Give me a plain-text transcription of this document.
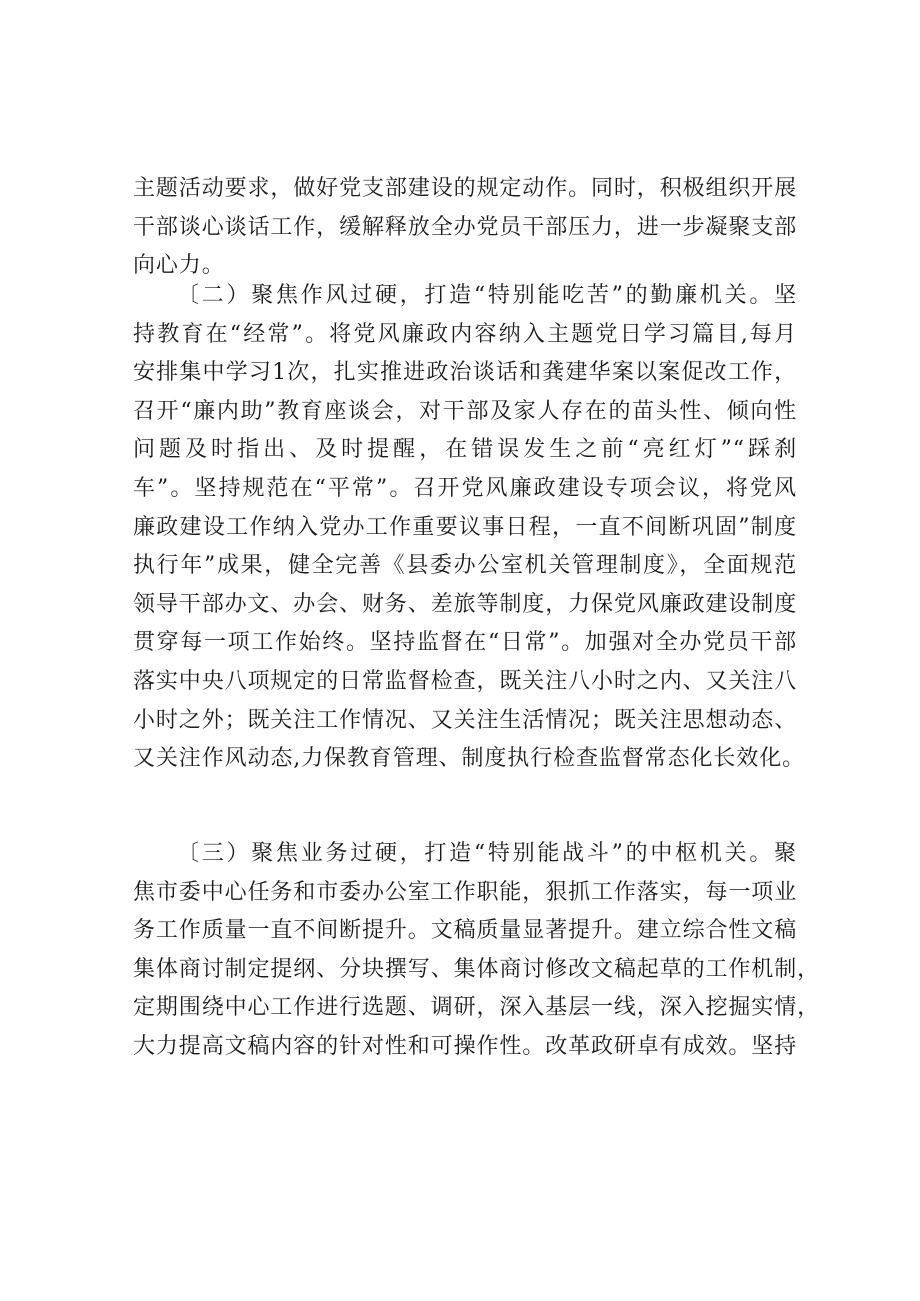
主题活动要求，做好党支部建设的规定动作。同时，积极组织开展
干部谈心谈话工作，缓解释放全办党员干部压力，进一步凝聚支部
向心力。
〔二）聚焦作风过硬，打造“特别能吃苦”的勤廉机关。坚
持教育在“经常”。将党风廉政内容纳入主题党日学习篇目,每月
安排集中学习1次，扎实推进政治谈话和龚建华案以案促改工作，
召开“廉内助”教育座谈会，对干部及家人存在的苗头性、倾向性
问题及时指出、及时提醒，在错误发生之前“亮红灯”“踩刹
车”。坚持规范在“平常”。召开党风廉政建设专项会议，将党风
廉政建设工作纳入党办工作重要议事日程，一直不间断巩固”制度
执行年”成果，健全完善《县委办公室机关管理制度》，全面规范
领导干部办文、办会、财务、差旅等制度，力保党风廉政建设制度
贯穿每一项工作始终。坚持监督在“日常”。加强对全办党员干部
落实中央八项规定的日常监督检查，既关注八小时之内、又关注八
小时之外；既关注工作情况、又关注生活情况；既关注思想动态、
又关注作风动态,力保教育管理、制度执行检查监督常态化长效化。
〔三）聚焦业务过硬，打造“特别能战斗”的中枢机关。聚
焦市委中心任务和市委办公室工作职能，狠抓工作落实，每一项业
务工作质量一直不间断提升。文稿质量显著提升。建立综合性文稿
集体商讨制定提纲、分块撰写、集体商讨修改文稿起草的工作机制，
定期围绕中心工作进行选题、调研，深入基层一线，深入挖掘实情，
大力提高文稿内容的针对性和可操作性。改革政研卓有成效。坚持
